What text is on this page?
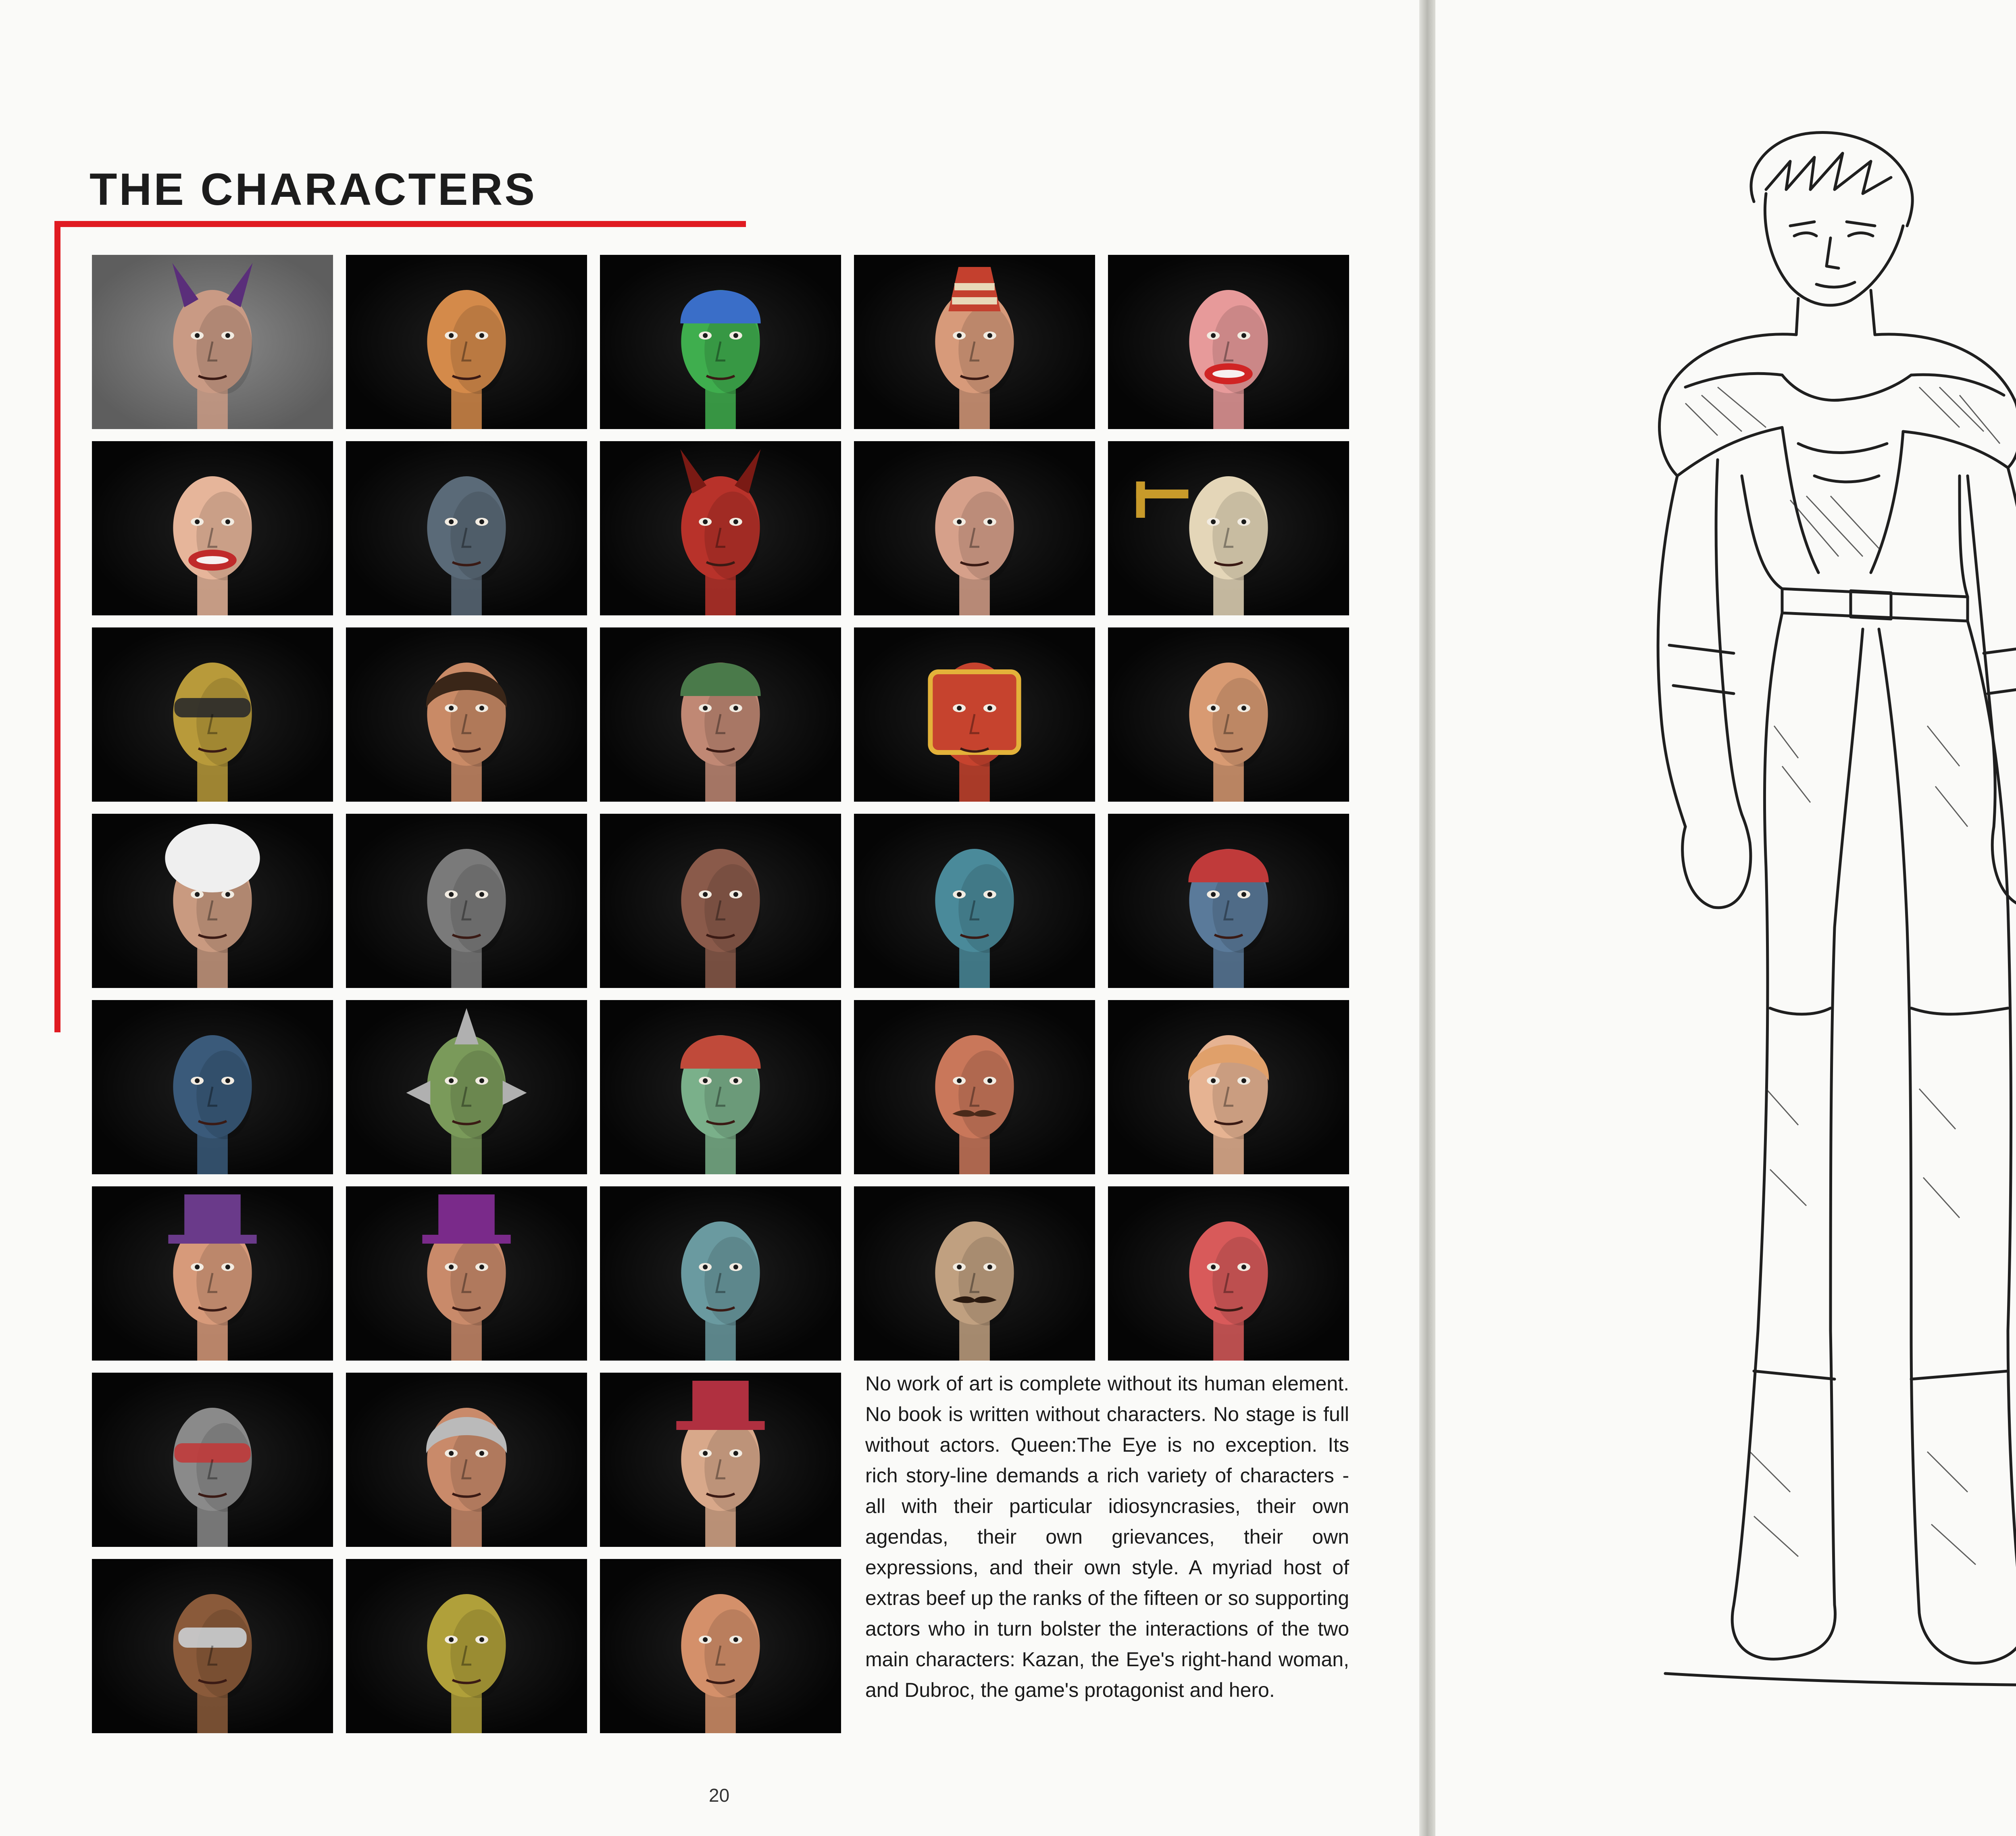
THE CHARACTERS

No work of art is complete without its human element. No book is written without characters. No stage is full without actors. Queen:The Eye is no exception. Its rich story-line demands a rich variety of characters - all with their particular idiosyncrasies, their own agendas, their own grievances, their own expressions, and their own style. A myriad host of extras beef up the ranks of the fifteen or so supporting actors who in turn bolster the interactions of the two main characters: Kazan, the Eye's right-hand woman, and Dubroc, the game's protagonist and hero.

20
